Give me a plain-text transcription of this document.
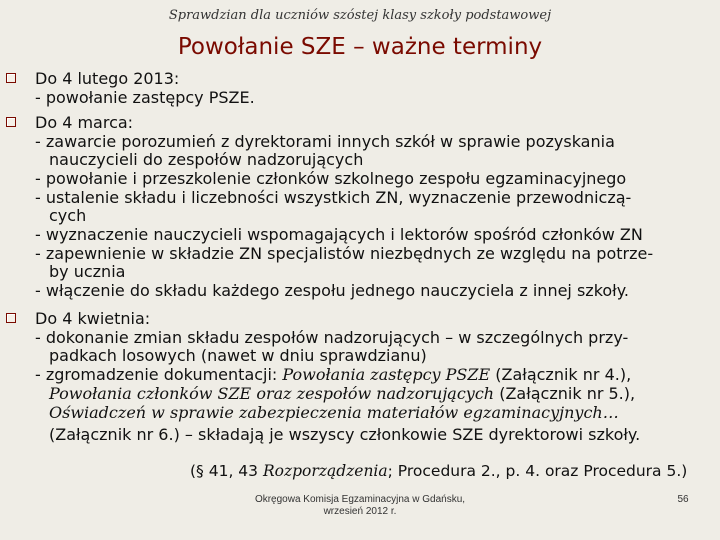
Sprawdzian dla uczniów szóstej klasy szkoły podstawowej
Powołanie SZE – ważne terminy
Do 4 lutego 2013:
- powołanie zastępcy PSZE.
Do 4 marca:
- zawarcie porozumień z dyrektorami innych szkół w sprawie pozyskania
nauczycieli do zespołów nadzorujących
- powołanie i przeszkolenie członków szkolnego zespołu egzaminacyjnego
- ustalenie składu i liczebności wszystkich ZN, wyznaczenie przewodniczą-
cych
- wyznaczenie nauczycieli wspomagających i lektorów spośród członków ZN
- zapewnienie w składzie ZN specjalistów niezbędnych ze względu na potrze-
by ucznia
- włączenie do składu każdego zespołu jednego nauczyciela z innej szkoły.
Do 4 kwietnia:
- dokonanie zmian składu zespołów nadzorujących – w szczególnych przy-
padkach losowych (nawet w dniu sprawdzianu)
- zgromadzenie dokumentacji: Powołania zastępcy PSZE (Załącznik nr 4.),
Powołania członków SZE oraz zespołów nadzorujących (Załącznik nr 5.),
Oświadczeń w sprawie zabezpieczenia materiałów egzaminacyjnych…
(Załącznik nr 6.) – składają je wszyscy członkowie SZE dyrektorowi szkoły.
(§ 41, 43 Rozporządzenia; Procedura 2., p. 4. oraz Procedura 5.)
Okręgowa Komisja Egzaminacyjna w Gdańsku,
wrzesień 2012 r.
56
